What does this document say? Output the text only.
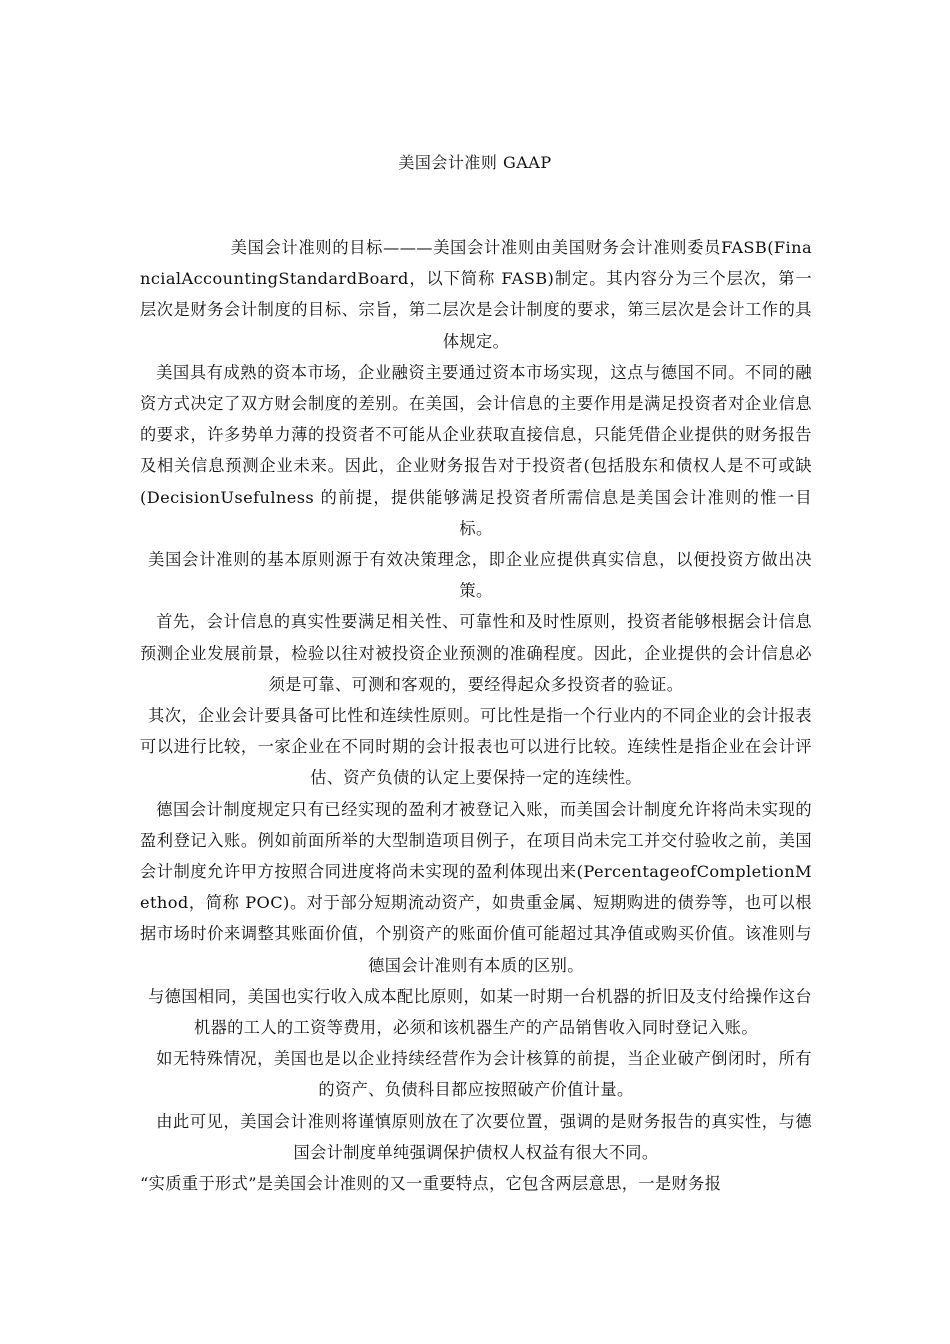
美国会计准则 GAAP

美国会计准则的目标———美国会计准则由美国财务会计准则委员FASB(FinancialAccountingStandardBoard，以下简称 FASB)制定。其内容分为三个层次，第一层次是财务会计制度的目标、宗旨，第二层次是会计制度的要求，第三层次是会计工作的具体规定。

美国具有成熟的资本市场，企业融资主要通过资本市场实现，这点与德国不同。不同的融资方式决定了双方财会制度的差别。在美国，会计信息的主要作用是满足投资者对企业信息的要求，许多势单力薄的投资者不可能从企业获取直接信息，只能凭借企业提供的财务报告及相关信息预测企业未来。因此，企业财务报告对于投资者(包括股东和债权人是不可或缺(DecisionUsefulness 的前提，提供能够满足投资者所需信息是美国会计准则的惟一目标。

美国会计准则的基本原则源于有效决策理念，即企业应提供真实信息，以便投资方做出决策。

首先，会计信息的真实性要满足相关性、可靠性和及时性原则，投资者能够根据会计信息预测企业发展前景，检验以往对被投资企业预测的准确程度。因此，企业提供的会计信息必须是可靠、可测和客观的，要经得起众多投资者的验证。

其次，企业会计要具备可比性和连续性原则。可比性是指一个行业内的不同企业的会计报表可以进行比较，一家企业在不同时期的会计报表也可以进行比较。连续性是指企业在会计评估、资产负债的认定上要保持一定的连续性。

德国会计制度规定只有已经实现的盈利才被登记入账，而美国会计制度允许将尚未实现的盈利登记入账。例如前面所举的大型制造项目例子，在项目尚未完工并交付验收之前，美国会计制度允许甲方按照合同进度将尚未实现的盈利体现出来(PercentageofCompletionMethod，简称 POC)。对于部分短期流动资产，如贵重金属、短期购进的债券等，也可以根据市场时价来调整其账面价值，个别资产的账面价值可能超过其净值或购买价值。该准则与德国会计准则有本质的区别。

与德国相同，美国也实行收入成本配比原则，如某一时期一台机器的折旧及支付给操作这台机器的工人的工资等费用，必须和该机器生产的产品销售收入同时登记入账。

如无特殊情况，美国也是以企业持续经营作为会计核算的前提，当企业破产倒闭时，所有的资产、负债科目都应按照破产价值计量。

由此可见，美国会计准则将谨慎原则放在了次要位置，强调的是财务报告的真实性，与德国会计制度单纯强调保护债权人权益有很大不同。

“实质重于形式”是美国会计准则的又一重要特点，它包含两层意思，一是财务报
